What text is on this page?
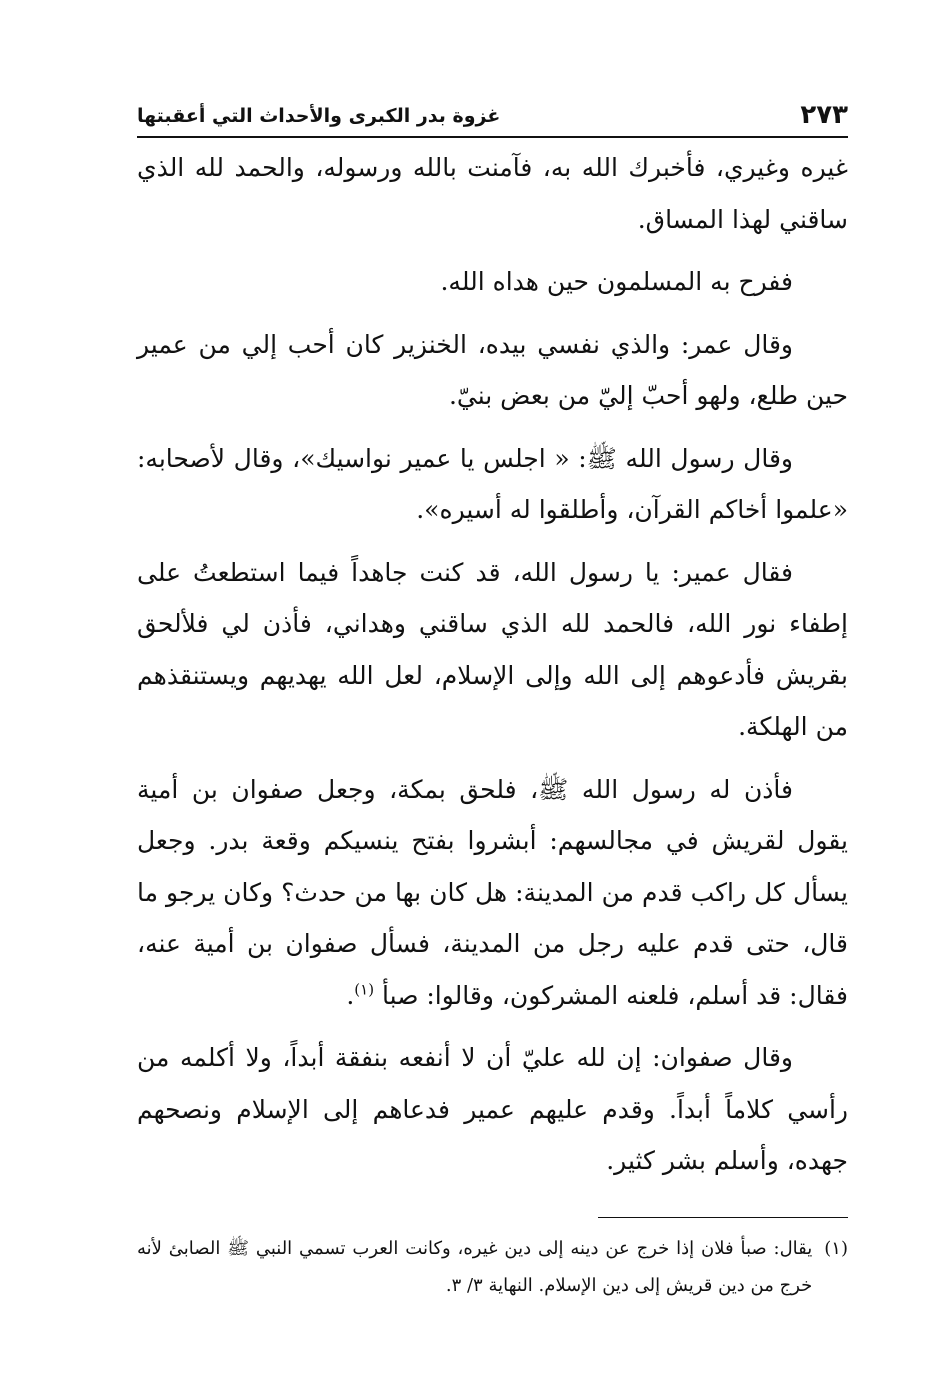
٢٧٣
غزوة بدر الكبرى والأحداث التي أعقبتها

غيره وغيري، فأخبرك الله به، فآمنت بالله ورسوله، والحمد لله الذي ساقني لهذا المساق.

ففرح به المسلمون حين هداه الله.

وقال عمر: والذي نفسي بيده، الخنزير كان أحب إلي من عمير حين طلع، ولهو أحبّ إليّ من بعض بنيّ.

وقال رسول الله ﷺ: « اجلس يا عمير نواسيك»، وقال لأصحابه: «علموا أخاكم القرآن، وأطلقوا له أسيره».

فقال عمير: يا رسول الله، قد كنت جاهداً فيما استطعتُ على إطفاء نور الله، فالحمد لله الذي ساقني وهداني، فأذن لي فلألحق بقريش فأدعوهم إلى الله وإلى الإسلام، لعل الله يهديهم ويستنقذهم من الهلكة.

فأذن له رسول الله ﷺ، فلحق بمكة، وجعل صفوان بن أمية يقول لقريش في مجالسهم: أبشروا بفتح ينسيكم وقعة بدر. وجعل يسأل كل راكب قدم من المدينة: هل كان بها من حدث؟ وكان يرجو ما قال، حتى قدم عليه رجل من المدينة، فسأل صفوان بن أمية عنه، فقال: قد أسلم، فلعنه المشركون، وقالوا: صبأ $^{(١)}$.

وقال صفوان: إن لله عليّ أن لا أنفعه بنفقة أبداً، ولا أكلمه من رأسي كلاماً أبداً. وقدم عليهم عمير فدعاهم إلى الإسلام ونصحهم جهده، وأسلم بشر كثير.

(١)
يقال: صبأ فلان إذا خرج عن دينه إلى دين غيره، وكانت العرب تسمي النبي ﷺ الصابئ لأنه خرج من دين قريش إلى دين الإسلام. النهاية ٣/ ٣.
